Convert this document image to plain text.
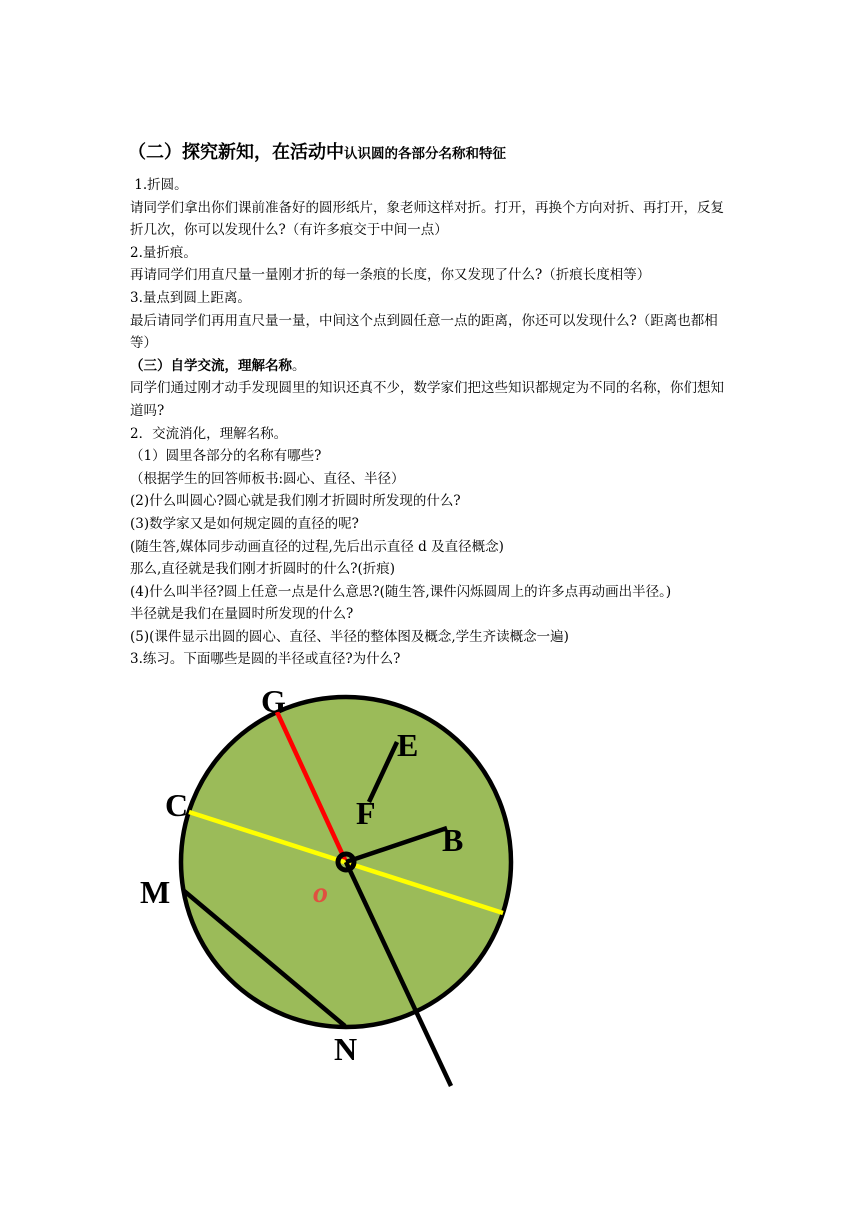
（二）探究新知，在活动中认识圆的各部分名称和特征

1.折圆。

请同学们拿出你们课前准备好的圆形纸片，象老师这样对折。打开，再换个方向对折、再打开，反复折几次，你可以发现什么?（有许多痕交于中间一点）

2.量折痕。

再请同学们用直尺量一量刚才折的每一条痕的长度，你又发现了什么?（折痕长度相等）

3.量点到圆上距离。

最后请同学们再用直尺量一量，中间这个点到圆任意一点的距离，你还可以发现什么?（距离也都相等）

（三）自学交流，理解名称。

同学们通过刚才动手发现圆里的知识还真不少，数学家们把这些知识都规定为不同的名称，你们想知道吗?

2．交流消化，理解名称。

（1）圆里各部分的名称有哪些?

（根据学生的回答师板书:圆心、直径、半径）

(2)什么叫圆心?圆心就是我们刚才折圆时所发现的什么?

(3)数学家又是如何规定圆的直径的呢?

(随生答,媒体同步动画直径的过程,先后出示直径 d 及直径概念)

那么,直径就是我们刚才折圆时的什么?(折痕)

(4)什么叫半径?圆上任意一点是什么意思?(随生答,课件闪烁圆周上的许多点再动画出半径。)

半径就是我们在量圆时所发现的什么?

(5)(课件显示出圆的圆心、直径、半径的整体图及概念,学生齐读概念一遍)

3.练习。下面哪些是圆的半径或直径?为什么?

G
E
C	F
B
M	o
N
